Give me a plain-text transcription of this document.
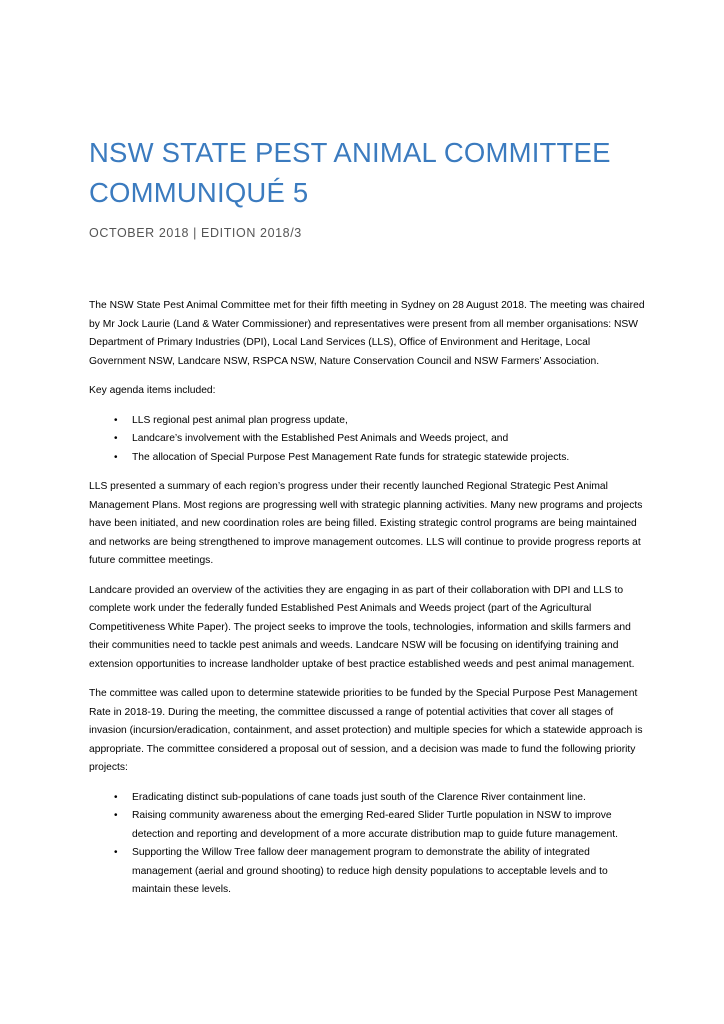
NSW STATE PEST ANIMAL COMMITTEE
COMMUNIQUÉ 5

OCTOBER 2018 | EDITION 2018/3

The NSW State Pest Animal Committee met for their fifth meeting in Sydney on 28 August 2018. The meeting was chaired by Mr Jock Laurie (Land & Water Commissioner) and representatives were present from all member organisations: NSW Department of Primary Industries (DPI), Local Land Services (LLS), Office of Environment and Heritage, Local Government NSW, Landcare NSW, RSPCA NSW, Nature Conservation Council and NSW Farmers’ Association.

Key agenda items included:

• LLS regional pest animal plan progress update,
• Landcare’s involvement with the Established Pest Animals and Weeds project, and
• The allocation of Special Purpose Pest Management Rate funds for strategic statewide projects.

LLS presented a summary of each region’s progress under their recently launched Regional Strategic Pest Animal Management Plans. Most regions are progressing well with strategic planning activities. Many new programs and projects have been initiated, and new coordination roles are being filled. Existing strategic control programs are being maintained and networks are being strengthened to improve management outcomes. LLS will continue to provide progress reports at future committee meetings.

Landcare provided an overview of the activities they are engaging in as part of their collaboration with DPI and LLS to complete work under the federally funded Established Pest Animals and Weeds project (part of the Agricultural Competitiveness White Paper). The project seeks to improve the tools, technologies, information and skills farmers and their communities need to tackle pest animals and weeds. Landcare NSW will be focusing on identifying training and extension opportunities to increase landholder uptake of best practice established weeds and pest animal management.

The committee was called upon to determine statewide priorities to be funded by the Special Purpose Pest Management Rate in 2018-19. During the meeting, the committee discussed a range of potential activities that cover all stages of invasion (incursion/eradication, containment, and asset protection) and multiple species for which a statewide approach is appropriate. The committee considered a proposal out of session, and a decision was made to fund the following priority projects:

• Eradicating distinct sub-populations of cane toads just south of the Clarence River containment line.
• Raising community awareness about the emerging Red-eared Slider Turtle population in NSW to improve detection and reporting and development of a more accurate distribution map to guide future management.
• Supporting the Willow Tree fallow deer management program to demonstrate the ability of integrated management (aerial and ground shooting) to reduce high density populations to acceptable levels and to maintain these levels.
